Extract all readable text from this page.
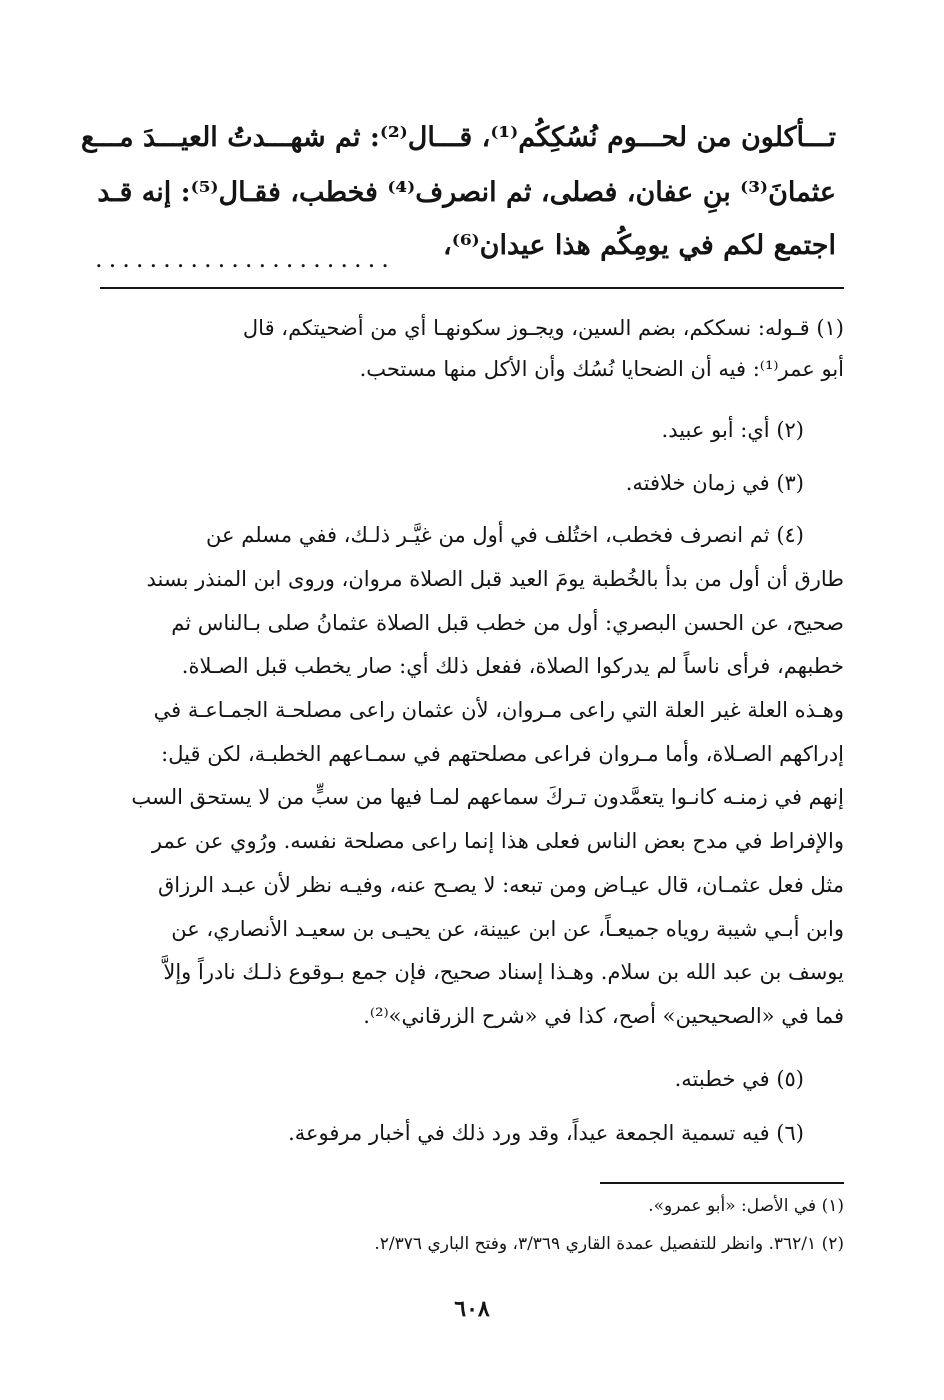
تـــأكلون من لحـــوم نُسُكِكُم⁽¹⁾، قـــال⁽²⁾: ثم شهـــدتُ العيـــدَ مـــع
عثمانَ⁽³⁾ بنِ عفان، فصلى، ثم انصرف⁽⁴⁾ فخطب، فقـال⁽⁵⁾: إنه قـد
اجتمع لكم في يومِكُم هذا عيدان⁽⁶⁾،
......................
(١) قـوله: نسككم، بضم السين، ويجـوز سكونهـا أي من أضحيتكم، قال
أبو عمر⁽¹⁾: فيه أن الضحايا نُسُك وأن الأكل منها مستحب.
(٢) أي: أبو عبيد.
(٣) في زمان خلافته.
(٤) ثم انصرف فخطب، اختُلف في أول من غيَّـر ذلـك، ففي مسلم عن
طارق أن أول من بدأ بالخُطبة يومَ العيد قبل الصلاة مروان، وروى ابن المنذر بسند
صحيح، عن الحسن البصري: أول من خطب قبل الصلاة عثمانُ صلى بـالناس ثم
خطبهم، فرأى ناساً لم يدركوا الصلاة، ففعل ذلك أي: صار يخطب قبل الصـلاة.
وهـذه العلة غير العلة التي راعى مـروان، لأن عثمان راعى مصلحـة الجمـاعـة في
إدراكهم الصـلاة، وأما مـروان فراعى مصلحتهم في سمـاعهم الخطبـة، لكن قيل:
إنهم في زمنـه كانـوا يتعمَّدون تـركَ سماعهم لمـا فيها من سبٍّ من لا يستحق السب
والإفراط في مدح بعض الناس فعلى هذا إنما راعى مصلحة نفسه. ورُوي عن عمر
مثل فعل عثمـان، قال عيـاض ومن تبعه: لا يصـح عنه، وفيـه نظر لأن عبـد الرزاق
وابن أبـي شيبة روياه جميعـاً، عن ابن عيينة، عن يحيـى بن سعيـد الأنصاري، عن
يوسف بن عبد الله بن سلام. وهـذا إسناد صحيح، فإن جمع بـوقوع ذلـك نادراً وإلاَّ
فما في «الصحيحين» أصح، كذا في «شرح الزرقاني»⁽²⁾.
(٥) في خطبته.
(٦) فيه تسمية الجمعة عيداً، وقد ورد ذلك في أخبار مرفوعة.
(١) في الأصل: «أبو عمرو».
(٢) ٣٦٢/١. وانظر للتفصيل عمدة القاري ٣/٣٦٩، وفتح الباري ٢/٣٧٦.
٦٠٨
